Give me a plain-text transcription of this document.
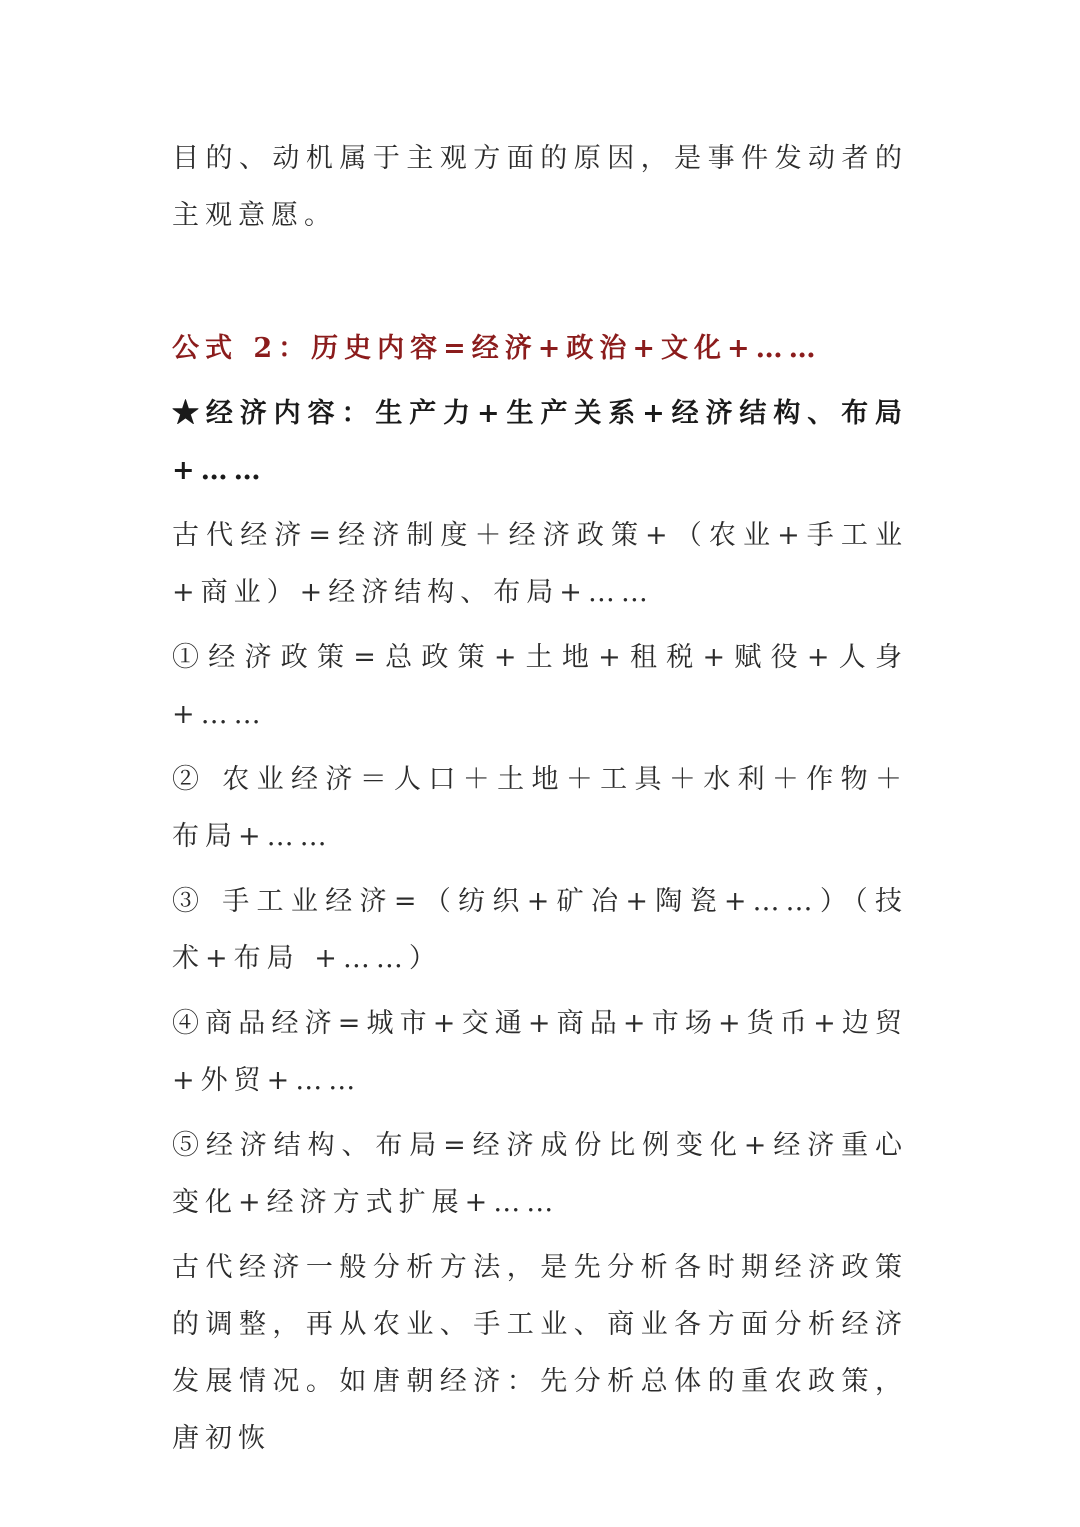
目的、动机属于主观方面的原因，是事件发动者的主观意愿。

公式 2：历史内容=经济+政治+文化+……

★经济内容：生产力+生产关系+经济结构、布局+……

古代经济=经济制度＋经济政策+（农业+手工业+商业）+经济结构、布局+……

①经济政策=总政策+土地+租税+赋役+人身+……

② 农业经济＝人口＋土地＋工具＋水利＋作物＋布局+……

③ 手工业经济=（纺织+矿冶+陶瓷+……）（技术+布局 +……）

④商品经济=城市+交通+商品+市场+货币+边贸+外贸+……

⑤经济结构、布局=经济成份比例变化+经济重心变化+经济方式扩展+……

古代经济一般分析方法，是先分析各时期经济政策的调整，再从农业、手工业、商业各方面分析经济发展情况。如唐朝经济：先分析总体的重农政策，唐初恢
